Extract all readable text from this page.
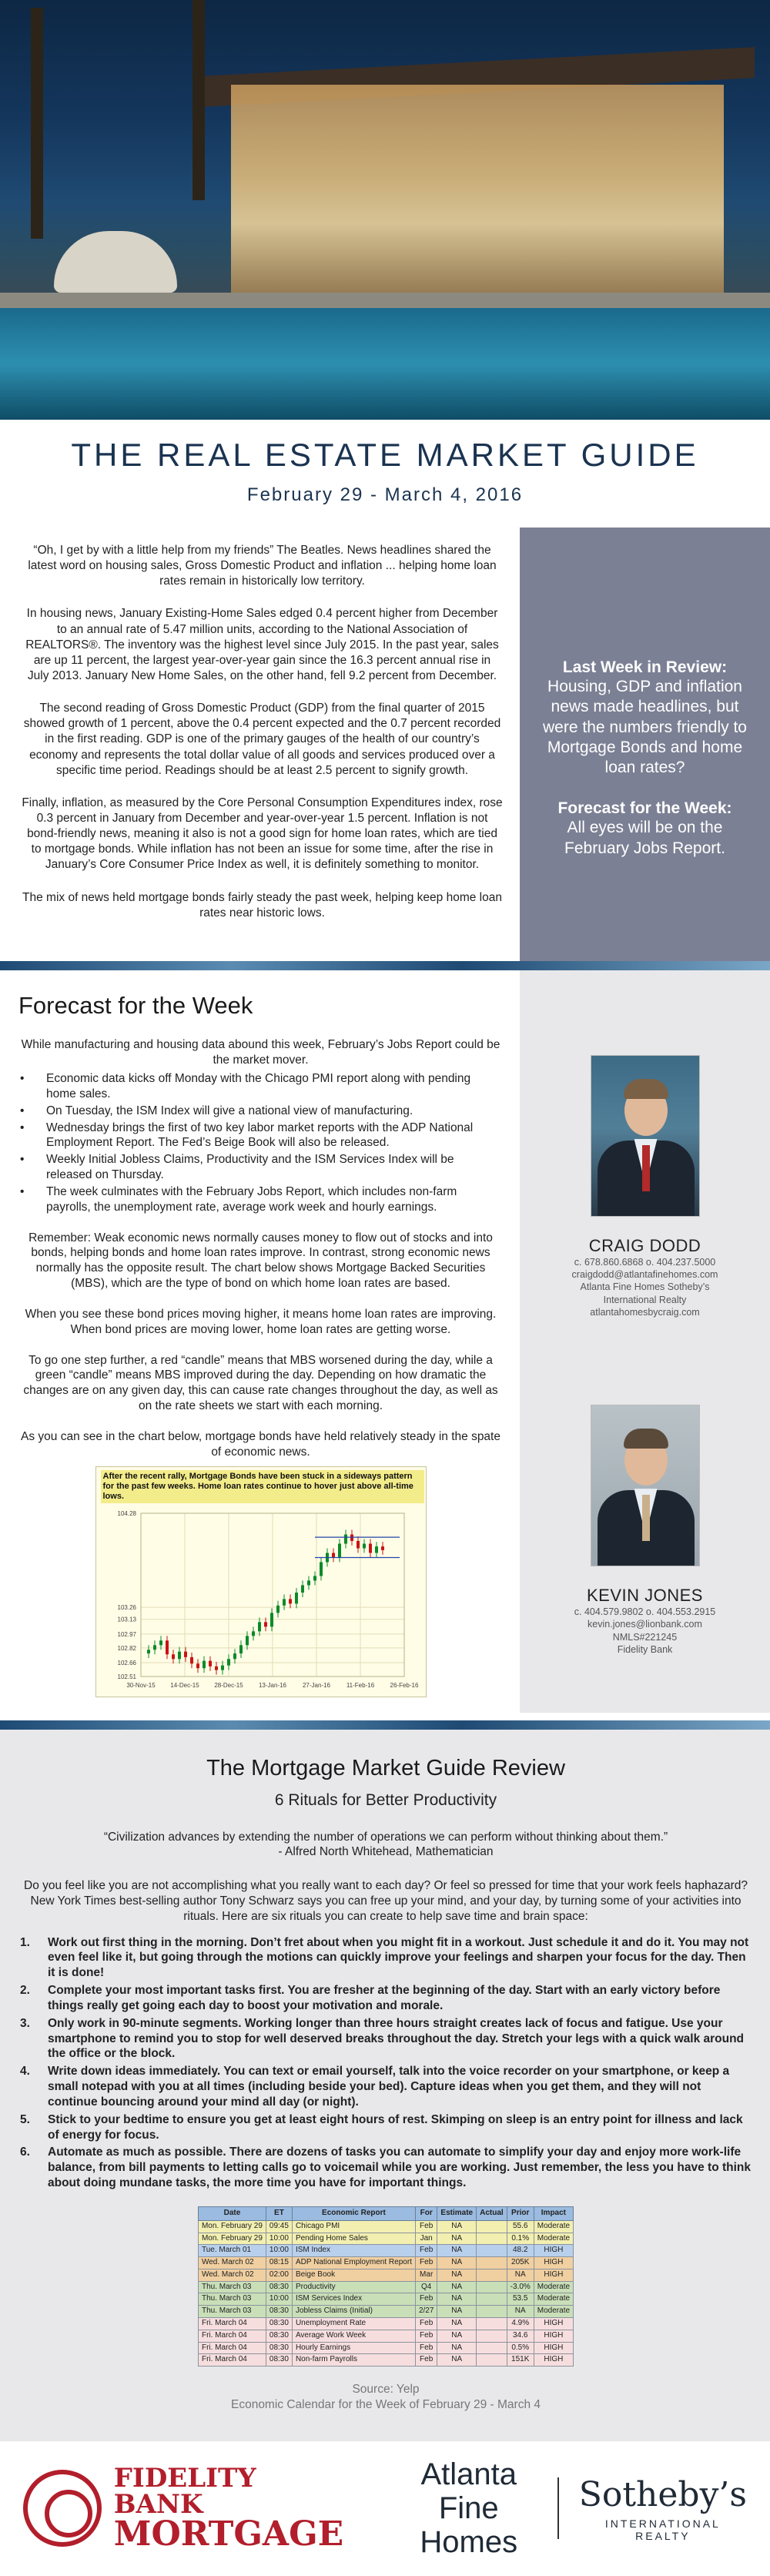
THE REAL ESTATE MARKET GUIDE
February 29 - March 4, 2016

“Oh, I get by with a little help from my friends” The Beatles. News headlines shared the latest word on housing sales, Gross Domestic Product and inflation ... helping home loan rates remain in historically low territory.

In housing news, January Existing-Home Sales edged 0.4 percent higher from December to an annual rate of 5.47 million units, according to the National Association of REALTORS®. The inventory was the highest level since July 2015. In the past year, sales are up 11 percent, the largest year-over-year gain since the 16.3 percent annual rise in July 2013. January New Home Sales, on the other hand, fell 9.2 percent from December.

The second reading of Gross Domestic Product (GDP) from the final quarter of 2015 showed growth of 1 percent, above the 0.4 percent expected and the 0.7 percent recorded in the first reading. GDP is one of the primary gauges of the health of our country’s economy and represents the total dollar value of all goods and services produced over a specific time period. Readings should be at least 2.5 percent to signify growth.

Finally, inflation, as measured by the Core Personal Consumption Expenditures index, rose 0.3 percent in January from December and year-over-year 1.5 percent. Inflation is not bond-friendly news, meaning it also is not a good sign for home loan rates, which are tied to mortgage bonds. While inflation has not been an issue for some time, after the rise in January’s Core Consumer Price Index as well, it is definitely something to monitor.

The mix of news held mortgage bonds fairly steady the past week, helping keep home loan rates near historic lows.

Last Week in Review:

Housing, GDP and inflation news made headlines, but were the numbers friendly to Mortgage Bonds and home loan rates?

Forecast for the Week:

All eyes will be on the February Jobs Report.

Forecast for the Week

While manufacturing and housing data abound this week, February’s Jobs Report could be the market mover.

• Economic data kicks off Monday with the Chicago PMI report along with pending home sales.
• On Tuesday, the ISM Index will give a national view of manufacturing.
• Wednesday brings the first of two key labor market reports with the ADP National Employment Report. The Fed’s Beige Book will also be released.
• Weekly Initial Jobless Claims, Productivity and the ISM Services Index will be released on Thursday.
• The week culminates with the February Jobs Report, which includes non-farm payrolls, the unemployment rate, average work week and hourly earnings.

Remember: Weak economic news normally causes money to flow out of stocks and into bonds, helping bonds and home loan rates improve. In contrast, strong economic news normally has the opposite result. The chart below shows Mortgage Backed Securities (MBS), which are the type of bond on which home loan rates are based.

When you see these bond prices moving higher, it means home loan rates are improving. When bond prices are moving lower, home loan rates are getting worse.

To go one step further, a red “candle” means that MBS worsened during the day, while a green “candle” means MBS improved during the day. Depending on how dramatic the changes are on any given day, this can cause rate changes throughout the day, as well as on the rate sheets we start with each morning.

As you can see in the chart below, mortgage bonds have held relatively steady in the spate of economic news.

After the recent rally, Mortgage Bonds have been stuck in a sideways pattern for the past few weeks. Home loan rates continue to hover just above all-time lows.
104.28
103.26
103.13
102.97
102.82
102.66
102.51
30-Nov-15 14-Dec-15 28-Dec-15	13-Jan-16	27-Jan-16	11-Feb-16	26-Feb-16
CRAIG DODD
c. 678.860.6868 o. 404.237.5000
craigdodd@atlantafinehomes.com
Atlanta Fine Homes Sotheby’s
International Realty
atlantahomesbycraig.com
KEVIN JONES
c. 404.579.9802 o. 404.553.2915
kevin.jones@lionbank.com
NMLS#221245
Fidelity Bank
The Mortgage Market Guide Review
6 Rituals for Better Productivity
“Civilization advances by extending the number of operations we can perform without thinking about them.”
- Alfred North Whitehead, Mathematician

Do you feel like you are not accomplishing what you really want to each day? Or feel so pressed for time that your work feels haphazard? New York Times best-selling author Tony Schwarz says you can free up your mind, and your day, by turning some of your activities into rituals. Here are six rituals you can create to help save time and brain space:

1. Work out first thing in the morning. Don’t fret about when you might fit in a workout. Just schedule it and do it. You may not even feel like it, but going through the motions can quickly improve your feelings and sharpen your focus for the day. Then it is done!
2. Complete your most important tasks first. You are fresher at the beginning of the day. Start with an early victory before things really get going each day to boost your motivation and morale.
3. Only work in 90-minute segments. Working longer than three hours straight creates lack of focus and fatigue. Use your smartphone to remind you to stop for well deserved breaks throughout the day. Stretch your legs with a quick walk around the office or the block.
4. Write down ideas immediately. You can text or email yourself, talk into the voice recorder on your smartphone, or keep a small notepad with you at all times (including beside your bed). Capture ideas when you get them, and they will not continue bouncing around your mind all day (or night).
5. Stick to your bedtime to ensure you get at least eight hours of rest. Skimping on sleep is an entry point for illness and lack of energy for focus.
6. Automate as much as possible. There are dozens of tasks you can automate to simplify your day and enjoy more work-life balance, from bill payments to letting calls go to voicemail while you are working. Just remember, the less you have to think about doing mundane tasks, the more time you have for important things.
Date	ET	Economic Report	For	Estimate	Actual	Prior	Impact
Mon. February 29	09:45	Chicago PMI	Feb	NA		55.6	Moderate
Mon. February 29	10:00	Pending Home Sales	Jan	NA		0.1%	Moderate
Tue. March 01	10:00	ISM Index	Feb	NA		48.2	HIGH
Wed. March 02	08:15	ADP National Employment Report	Feb	NA		205K	HIGH
Wed. March 02	02:00	Beige Book	Mar	NA		NA	HIGH
Thu. March 03	08:30	Productivity	Q4	NA		-3.0%	Moderate
Thu. March 03	10:00	ISM Services Index	Feb	NA		53.5	Moderate
Thu. March 03	08:30	Jobless Claims (Initial)	2/27	NA		NA	Moderate
Fri. March 04	08:30	Unemployment Rate	Feb	NA		4.9%	HIGH
Fri. March 04	08:30	Average Work Week	Feb	NA		34.6	HIGH
Fri. March 04	08:30	Hourly Earnings	Feb	NA		0.5%	HIGH
Fri. March 04	08:30	Non-farm Payrolls	Feb	NA		151K	HIGH
Source: Yelp
Economic Calendar for the Week of February 29 - March 4
FIDELITY BANK
MORTGAGE
Atlanta Fine
Homes
Sotheby’s
INTERNATIONAL REALTY
